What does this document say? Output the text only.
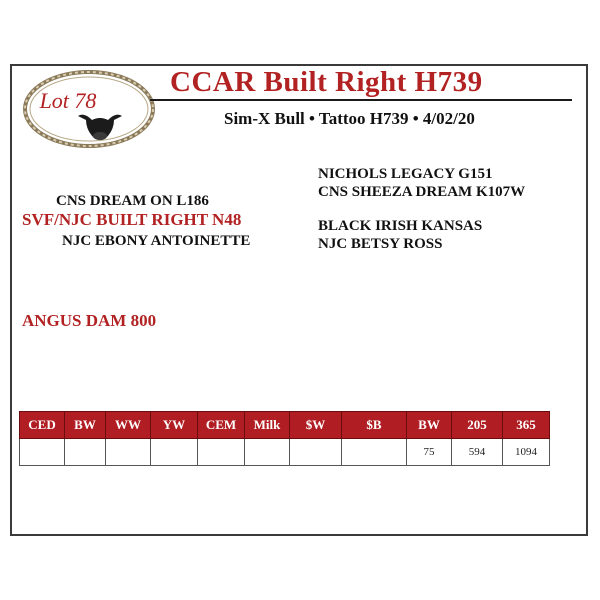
Lot 78
CCAR Built Right H739
Sim-X Bull • Tattoo H739 • 4/02/20
NICHOLS LEGACY G151
CNS SHEEZA DREAM K107W
CNS DREAM ON L186
SVF/NJC BUILT RIGHT N48
NJC EBONY ANTOINETTE
BLACK IRISH KANSAS
NJC BETSY ROSS
ANGUS DAM 800
CED	BW	WW	YW	CEM	Milk	$W	$B	BW	205	365
								75	594	1094
